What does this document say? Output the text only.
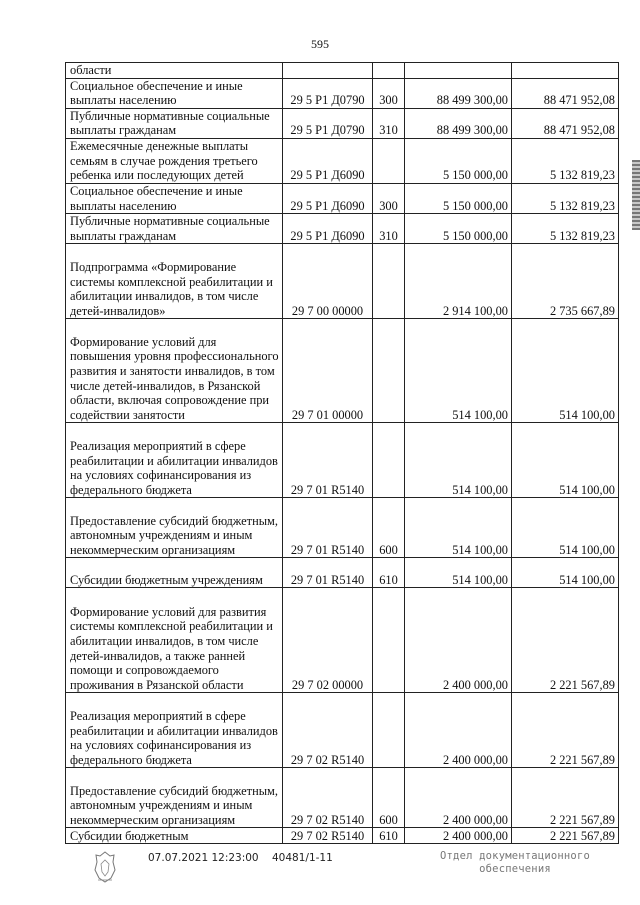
595
области				
Социальное обеспечение и иные выплаты населению	29 5 P1 Д0790	300	88 499 300,00	88 471 952,08
Публичные нормативные социальные выплаты гражданам	29 5 P1 Д0790	310	88 499 300,00	88 471 952,08
Ежемесячные денежные выплаты семьям в случае рождения третьего ребенка или последующих детей	29 5 P1 Д6090		5 150 000,00	5 132 819,23
Социальное обеспечение и иные выплаты населению	29 5 P1 Д6090	300	5 150 000,00	5 132 819,23
Публичные нормативные социальные выплаты гражданам	29 5 P1 Д6090	310	5 150 000,00	5 132 819,23
Подпрограмма «Формирование системы комплексной реабилитации и абилитации инвалидов, в том числе детей-инвалидов»	29 7 00 00000		2 914 100,00	2 735 667,89
Формирование условий для повышения уровня профессионального развития и занятости инвалидов, в том числе детей-инвалидов, в Рязанской области, включая сопровождение при содействии занятости	29 7 01 00000		514 100,00	514 100,00
Реализация мероприятий в сфере реабилитации и абилитации инвалидов на условиях софинансирования из федерального бюджета	29 7 01 R5140		514 100,00	514 100,00
Предоставление субсидий бюджетным, автономным учреждениям и иным некоммерческим организациям	29 7 01 R5140	600	514 100,00	514 100,00
Субсидии бюджетным учреждениям	29 7 01 R5140	610	514 100,00	514 100,00
Формирование условий для развития системы комплексной реабилитации и абилитации инвалидов, в том числе детей-инвалидов, а также ранней помощи и сопровождаемого проживания в Рязанской области	29 7 02 00000		2 400 000,00	2 221 567,89
Реализация мероприятий в сфере реабилитации и абилитации инвалидов на условиях софинансирования из федерального бюджета	29 7 02 R5140		2 400 000,00	2 221 567,89
Предоставление субсидий бюджетным, автономным учреждениям и иным некоммерческим организациям	29 7 02 R5140	600	2 400 000,00	2 221 567,89
Субсидии бюджетным	29 7 02 R5140	610	2 400 000,00	2 221 567,89
07.07.2021 12:23:00 40481/1-11	Отдел документационного
обеспечения
